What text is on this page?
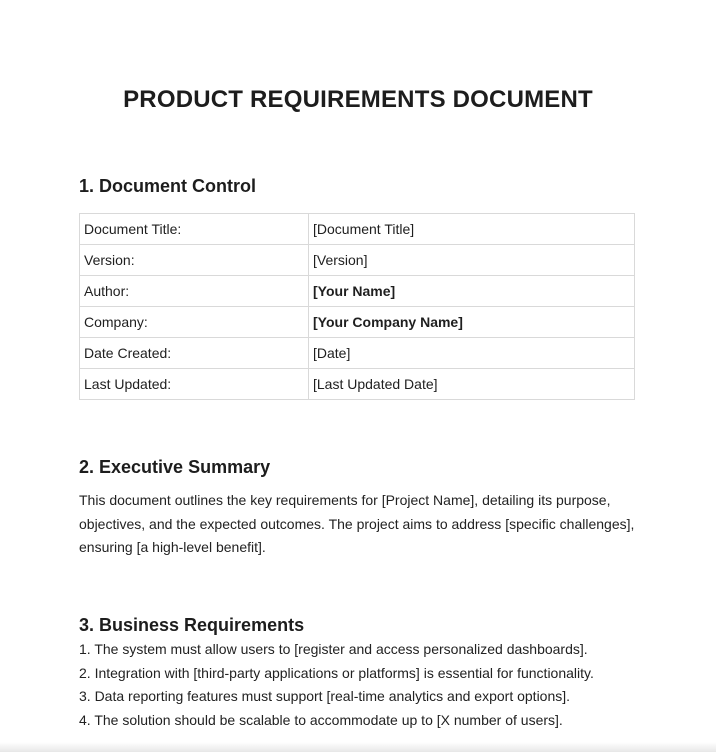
PRODUCT REQUIREMENTS DOCUMENT
1. Document Control
Document Title:	[Document Title]
Version:	[Version]
Author:	[Your Name]
Company:	[Your Company Name]
Date Created:	[Date]
Last Updated:	[Last Updated Date]
2. Executive Summary
This document outlines the key requirements for [Project Name], detailing its purpose, objectives, and the expected outcomes. The project aims to address [specific challenges], ensuring [a high-level benefit].
3. Business Requirements
1. The system must allow users to [register and access personalized dashboards].
2. Integration with [third-party applications or platforms] is essential for functionality.
3. Data reporting features must support [real-time analytics and export options].
4. The solution should be scalable to accommodate up to [X number of users].
